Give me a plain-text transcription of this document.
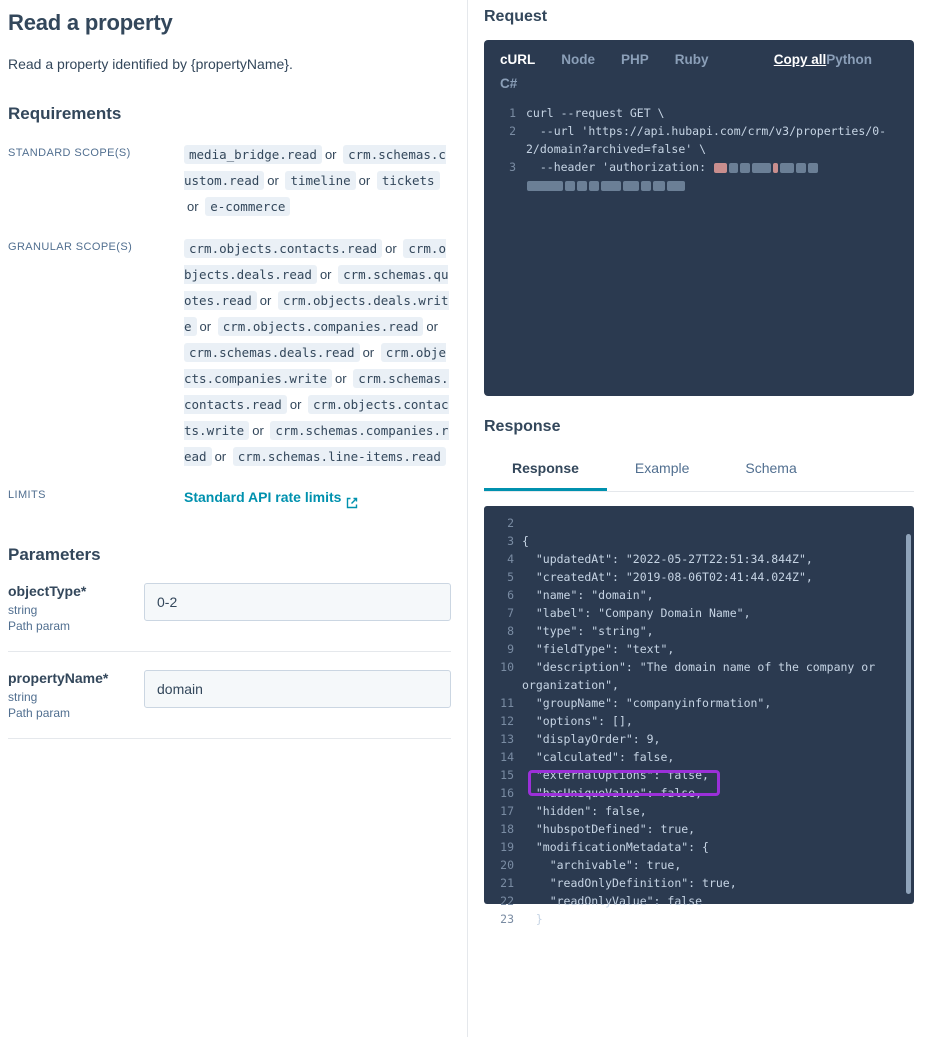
Read a property

Read a property identified by {propertyName}.

Requirements
STANDARD SCOPE(S)	media_bridge.read or crm.schemas.custom.read or timeline or ticketsor e-commerce
GRANULAR SCOPE(S)	crm.objects.contacts.read or crm.objects.deals.read or crm.schemas.quotes.read or crm.objects.deals.write or crm.objects.companies.read or crm.schemas.deals.read or crm.objects.companies.write or crm.schemas.contacts.read or crm.objects.contacts.write or crm.schemas.companies.read or crm.schemas.line-items.read
LIMITS	Standard API rate limits
Parameters
objectType*
string
Path param
0-2
propertyName*
string
Path param
domain
Request
cURL Node PHP Ruby	Copy all Python
C#
1 curl --request GET \
2 --url 'https://api.hubapi.com/crm/v3/properties/0-2/domain?archived=false' \
3 --header 'authorization:
Response
Response	Example	Schema
2
3 {
4 "updatedAt": "2022-05-27T22:51:34.844Z",
5 "createdAt": "2019-08-06T02:41:44.024Z",
6 "name": "domain",
7 "label": "Company Domain Name",
8 "type": "string",
9 "fieldType": "text",
10 "description": "The domain name of the company or organization",
11 "groupName": "companyinformation",
12 "options": [],
13 "displayOrder": 9,
14 "calculated": false,
15 "externalOptions": false,
16 "hasUniqueValue": false,
17 "hidden": false,
18 "hubspotDefined": true,
19 "modificationMetadata": {
20 "archivable": true,
21 "readOnlyDefinition": true,
22 "readOnlyValue": false
23 }
